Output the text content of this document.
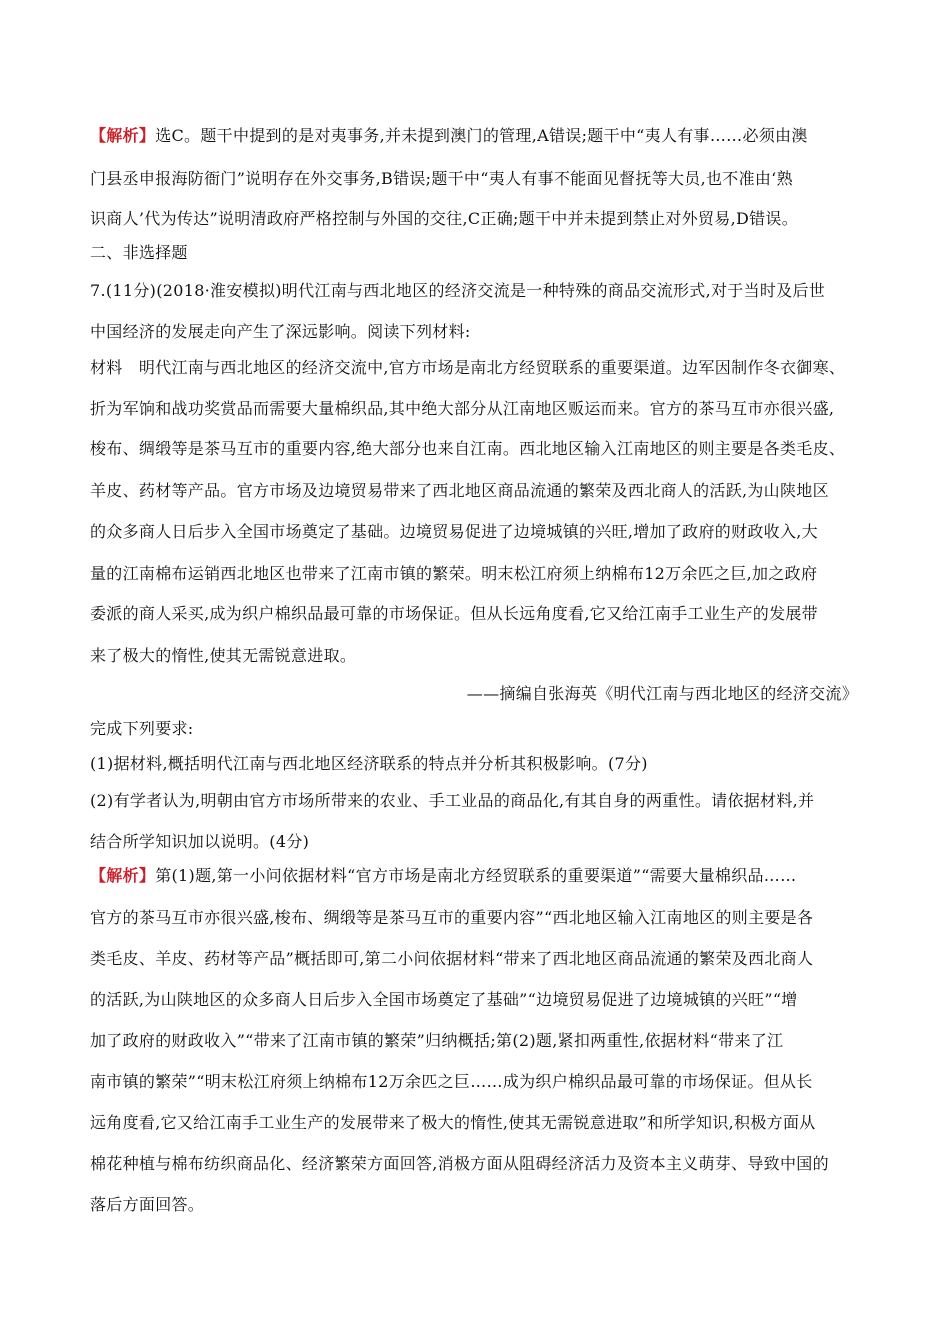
【解析】选C。题干中提到的是对夷事务,并未提到澳门的管理,A错误;题干中“夷人有事……必须由澳
门县丞申报海防衙门”说明存在外交事务,B错误;题干中“夷人有事不能面见督抚等大员,也不准由‘熟
识商人’代为传达”说明清政府严格控制与外国的交往,C正确;题干中并未提到禁止对外贸易,D错误。
二、非选择题
7.(11分)(2018·淮安模拟)明代江南与西北地区的经济交流是一种特殊的商品交流形式,对于当时及后世
中国经济的发展走向产生了深远影响。阅读下列材料:
材料　明代江南与西北地区的经济交流中,官方市场是南北方经贸联系的重要渠道。边军因制作冬衣御寒、
折为军饷和战功奖赏品而需要大量棉织品,其中绝大部分从江南地区贩运而来。官方的茶马互市亦很兴盛,
梭布、绸缎等是茶马互市的重要内容,绝大部分也来自江南。西北地区输入江南地区的则主要是各类毛皮、
羊皮、药材等产品。官方市场及边境贸易带来了西北地区商品流通的繁荣及西北商人的活跃,为山陕地区
的众多商人日后步入全国市场奠定了基础。边境贸易促进了边境城镇的兴旺,增加了政府的财政收入,大
量的江南棉布运销西北地区也带来了江南市镇的繁荣。明末松江府须上纳棉布12万余匹之巨,加之政府
委派的商人采买,成为织户棉织品最可靠的市场保证。但从长远角度看,它又给江南手工业生产的发展带
来了极大的惰性,使其无需锐意进取。
——摘编自张海英《明代江南与西北地区的经济交流》
完成下列要求:
(1)据材料,概括明代江南与西北地区经济联系的特点并分析其积极影响。(7分)
(2)有学者认为,明朝由官方市场所带来的农业、手工业品的商品化,有其自身的两重性。请依据材料,并
结合所学知识加以说明。(4分)
【解析】第(1)题,第一小问依据材料“官方市场是南北方经贸联系的重要渠道”“需要大量棉织品……
官方的茶马互市亦很兴盛,梭布、绸缎等是茶马互市的重要内容”“西北地区输入江南地区的则主要是各
类毛皮、羊皮、药材等产品”概括即可,第二小问依据材料“带来了西北地区商品流通的繁荣及西北商人
的活跃,为山陕地区的众多商人日后步入全国市场奠定了基础”“边境贸易促进了边境城镇的兴旺”“增
加了政府的财政收入”“带来了江南市镇的繁荣”归纳概括;第(2)题,紧扣两重性,依据材料“带来了江
南市镇的繁荣”“明末松江府须上纳棉布12万余匹之巨……成为织户棉织品最可靠的市场保证。但从长
远角度看,它又给江南手工业生产的发展带来了极大的惰性,使其无需锐意进取”和所学知识,积极方面从
棉花种植与棉布纺织商品化、经济繁荣方面回答,消极方面从阻碍经济活力及资本主义萌芽、导致中国的
落后方面回答。
